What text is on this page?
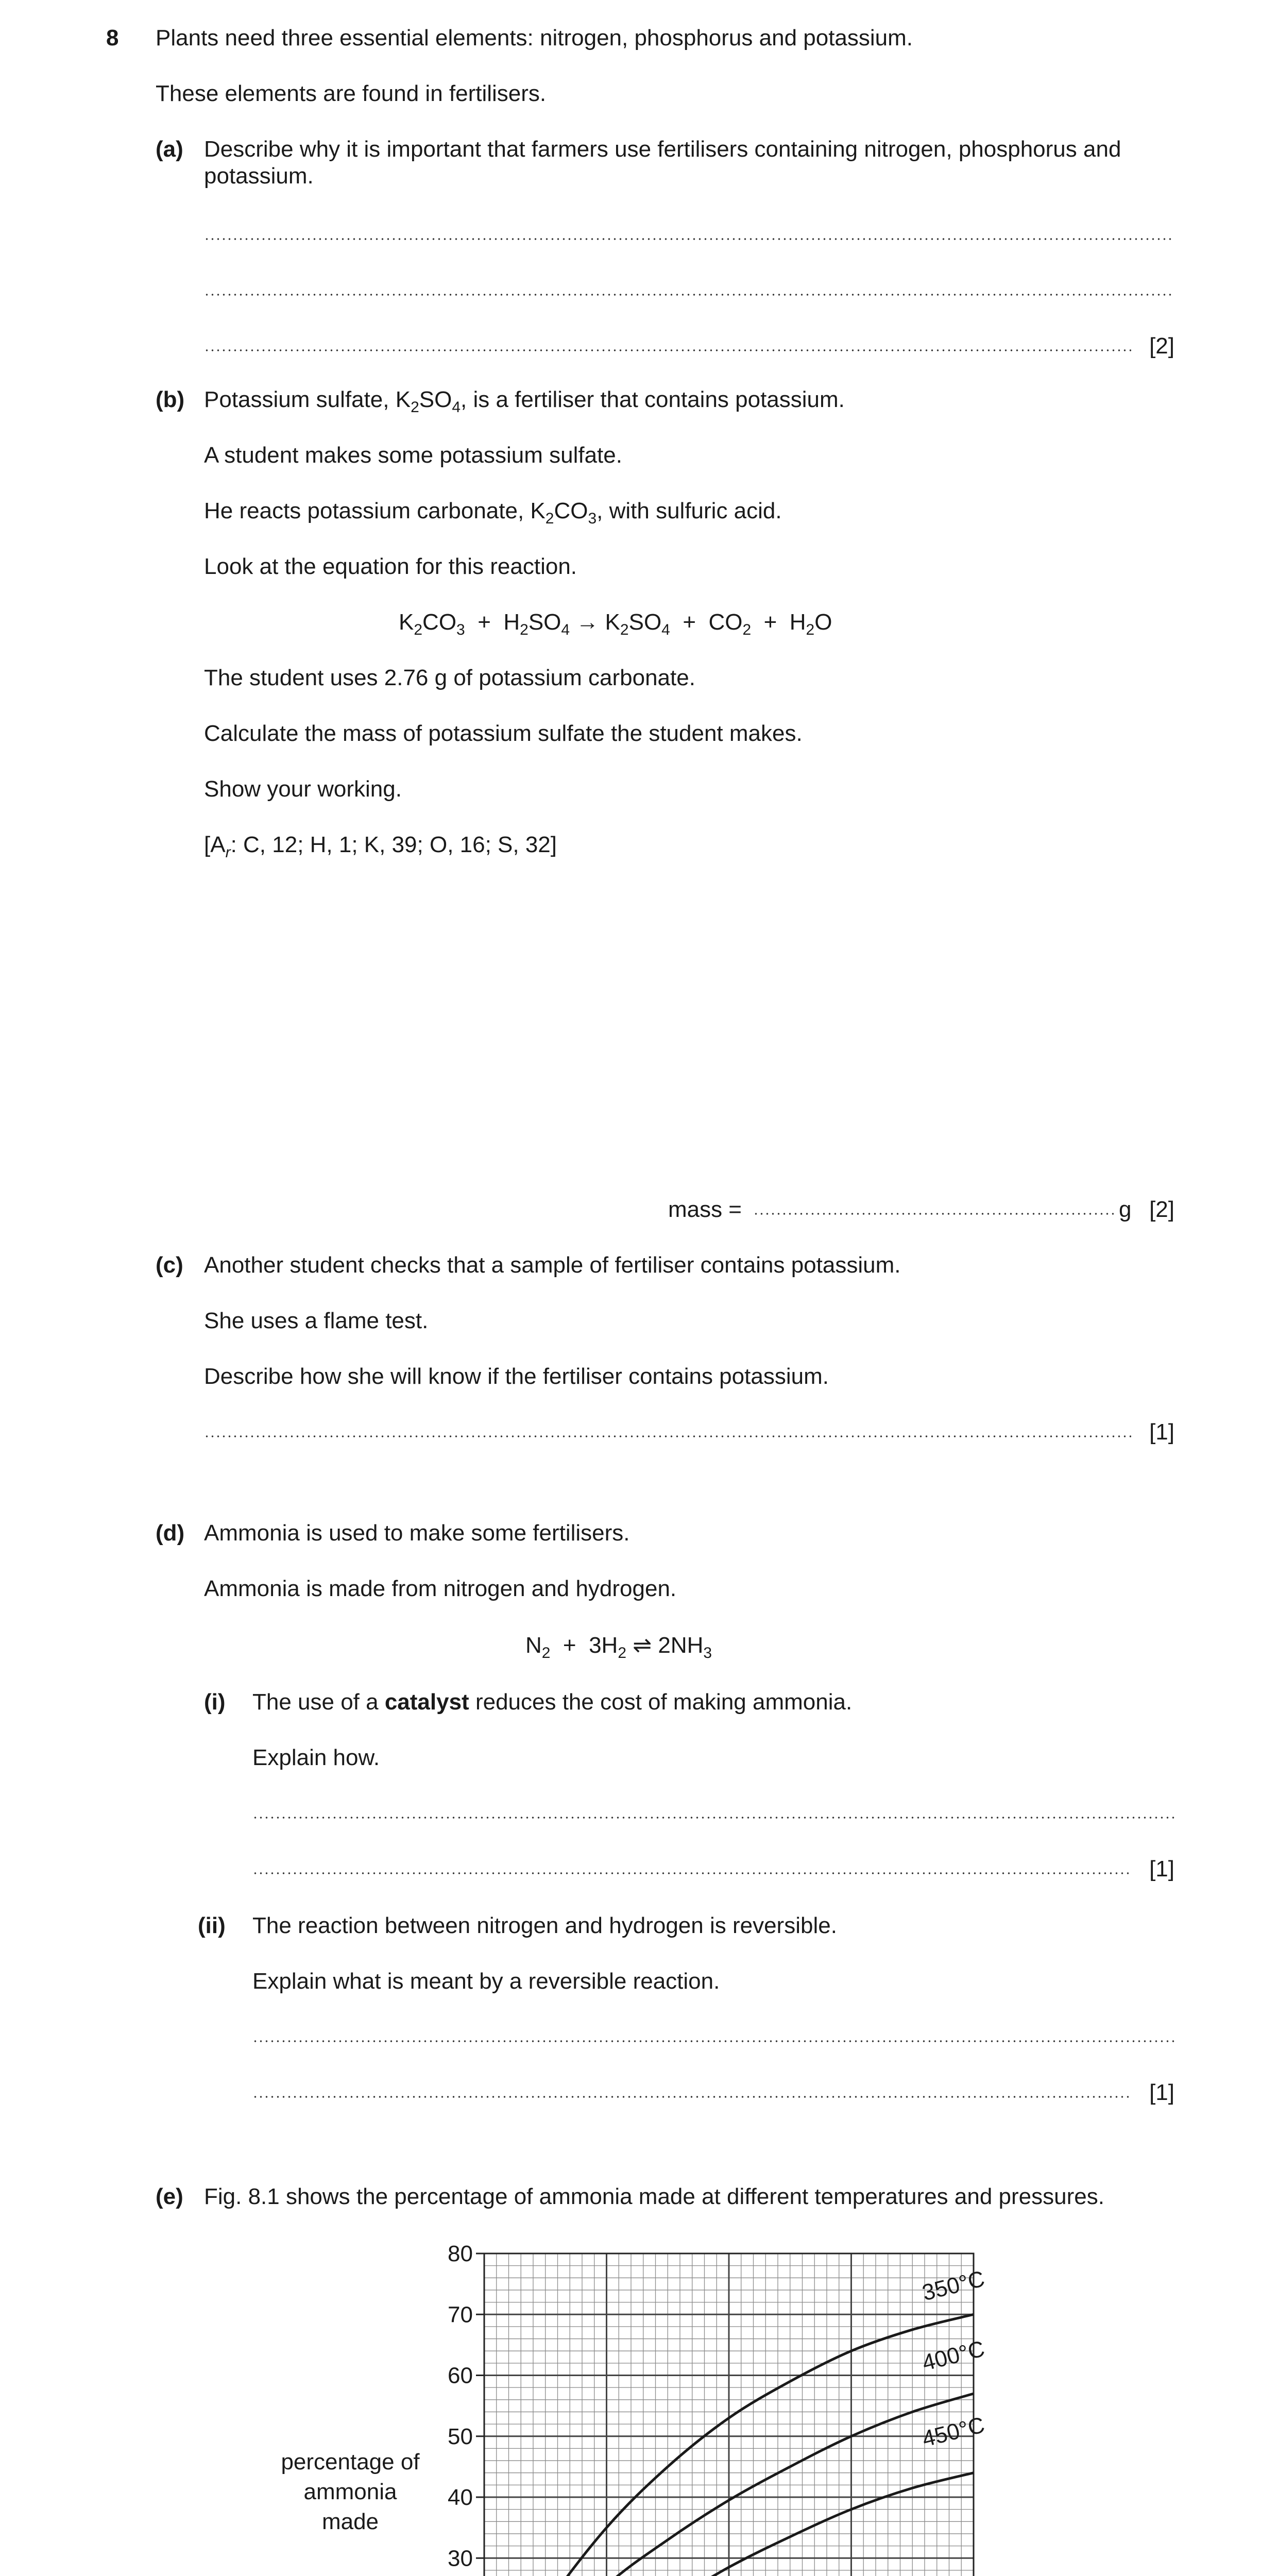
8 Plants need three essential elements: nitrogen, phosphorus and potassium.
These elements are found in fertilisers.
(a) Describe why it is important that farmers use fertilisers containing nitrogen, phosphorus and potassium.
[2]
(b) Potassium sulfate, $K_2SO_4$, is a fertiliser that contains potassium.
A student makes some potassium sulfate.
He reacts potassium carbonate, $K_2CO_3$, with sulfuric acid.
Look at the equation for this reaction.
$K_2CO_3 + H_2SO_4 \to K_2SO_4 + CO_2 + H_2O$
The student uses 2.76 g of potassium carbonate.
Calculate the mass of potassium sulfate the student makes.
Show your working.
[$A_r$: C, 12; H, 1; K, 39; O, 16; S, 32]
mass =	g [2]
(c) Another student checks that a sample of fertiliser contains potassium.
She uses a flame test.
Describe how she will know if the fertiliser contains potassium.
[1]
(d) Ammonia is used to make some fertilisers.
Ammonia is made from nitrogen and hydrogen.
$N_2 + 3H_2$ ⇌ $2NH_3$
(i) The use of a catalyst reduces the cost of making ammonia.
Explain how.
[1]
(ii) The reaction between nitrogen and hydrogen is reversible.
Explain what is meant by a reversible reaction.
[1]
(e) Fig. 8.1 shows the percentage of ammonia made at different temperatures and pressures.
30
40
50
60
70
80
350°C
400°C
450°C
percentage of ammonia made
